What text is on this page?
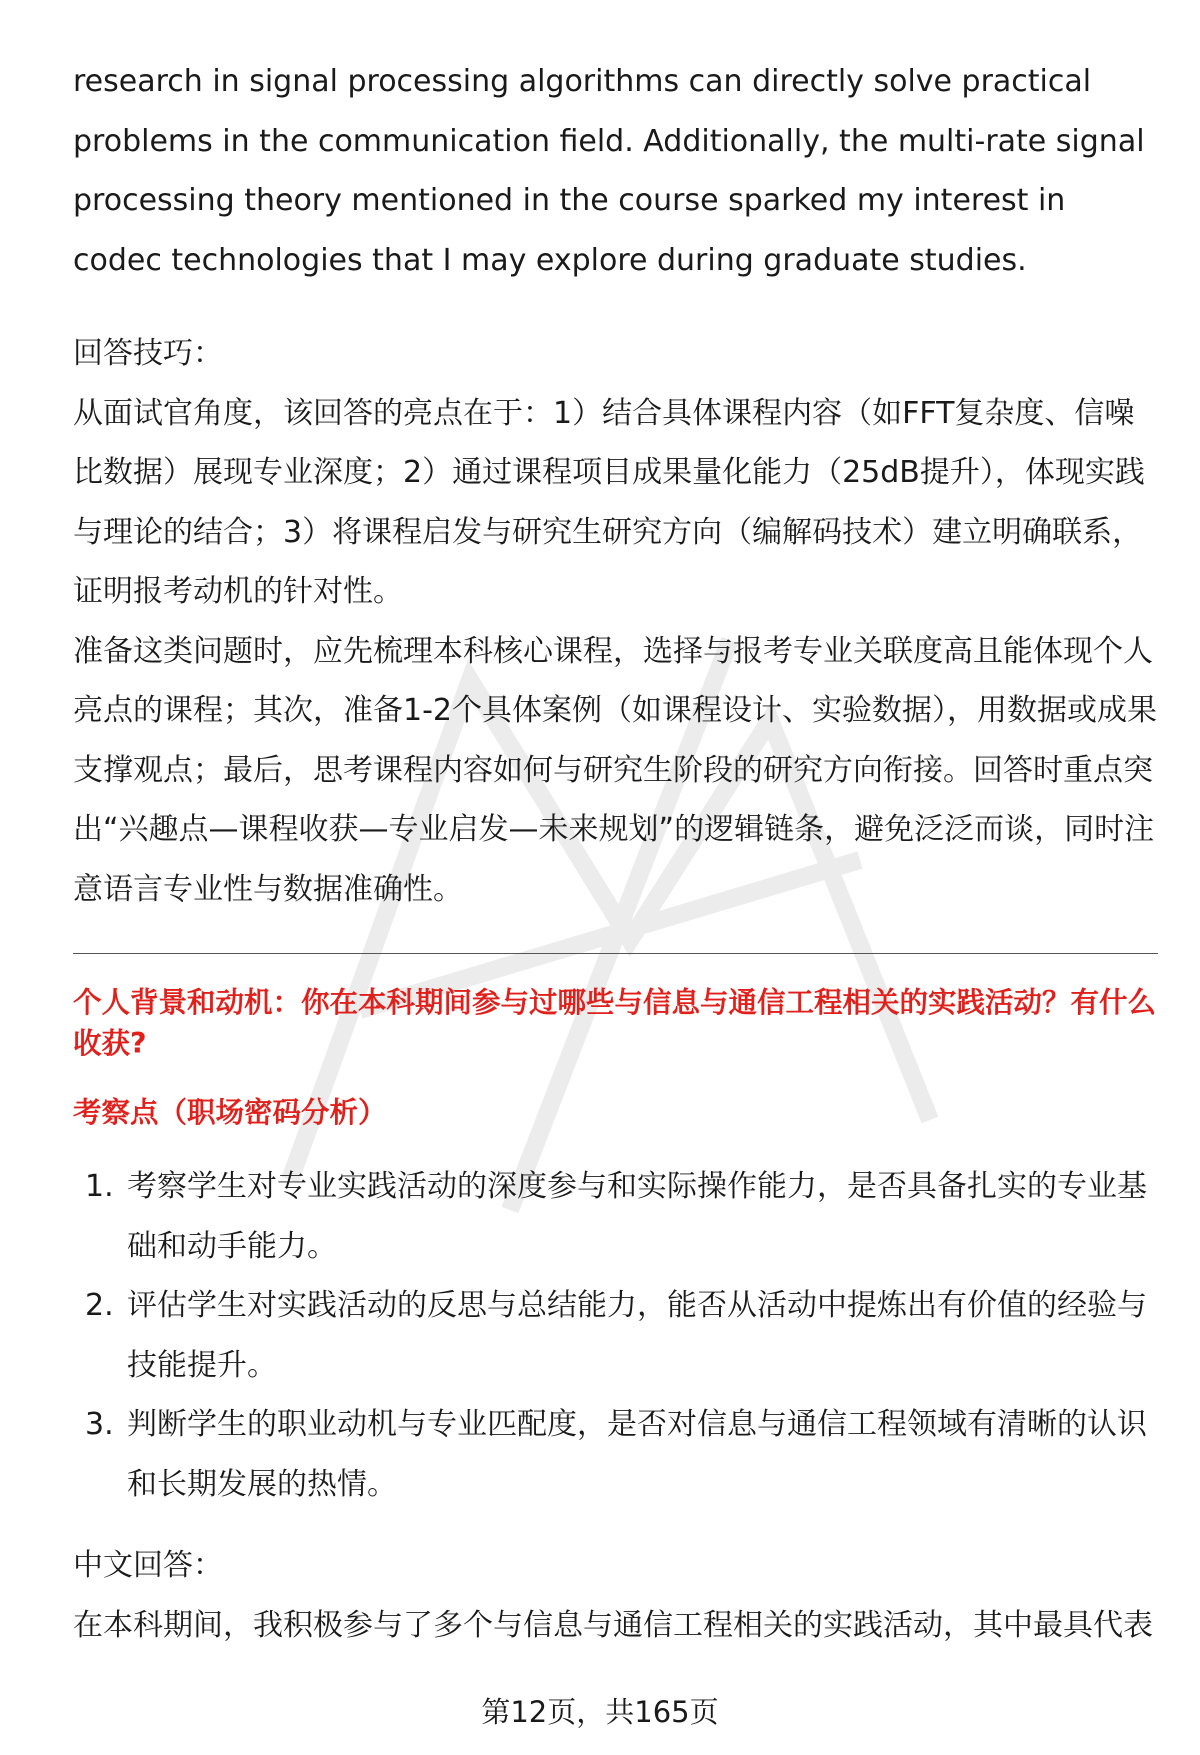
research in signal processing algorithms can directly solve practical problems in the communication field. Additionally, the multi-rate signal processing theory mentioned in the course sparked my interest in codec technologies that I may explore during graduate studies.

回答技巧：

从面试官角度，该回答的亮点在于：1）结合具体课程内容（如FFT复杂度、信噪比数据）展现专业深度；2）通过课程项目成果量化能力（25dB提升），体现实践与理论的结合；3）将课程启发与研究生研究方向（编解码技术）建立明确联系，证明报考动机的针对性。

准备这类问题时，应先梳理本科核心课程，选择与报考专业关联度高且能体现个人亮点的课程；其次，准备1-2个具体案例（如课程设计、实验数据），用数据或成果支撑观点；最后，思考课程内容如何与研究生阶段的研究方向衔接。回答时重点突出“兴趣点—课程收获—专业启发—未来规划”的逻辑链条，避免泛泛而谈，同时注意语言专业性与数据准确性。

个人背景和动机：你在本科期间参与过哪些与信息与通信工程相关的实践活动？有什么收获?

考察点（职场密码分析）

1. 考察学生对专业实践活动的深度参与和实际操作能力，是否具备扎实的专业基础和动手能力。
2. 评估学生对实践活动的反思与总结能力，能否从活动中提炼出有价值的经验与技能提升。
3. 判断学生的职业动机与专业匹配度，是否对信息与通信工程领域有清晰的认识和长期发展的热情。

中文回答：

在本科期间，我积极参与了多个与信息与通信工程相关的实践活动，其中最具代表

第12页，共165页
